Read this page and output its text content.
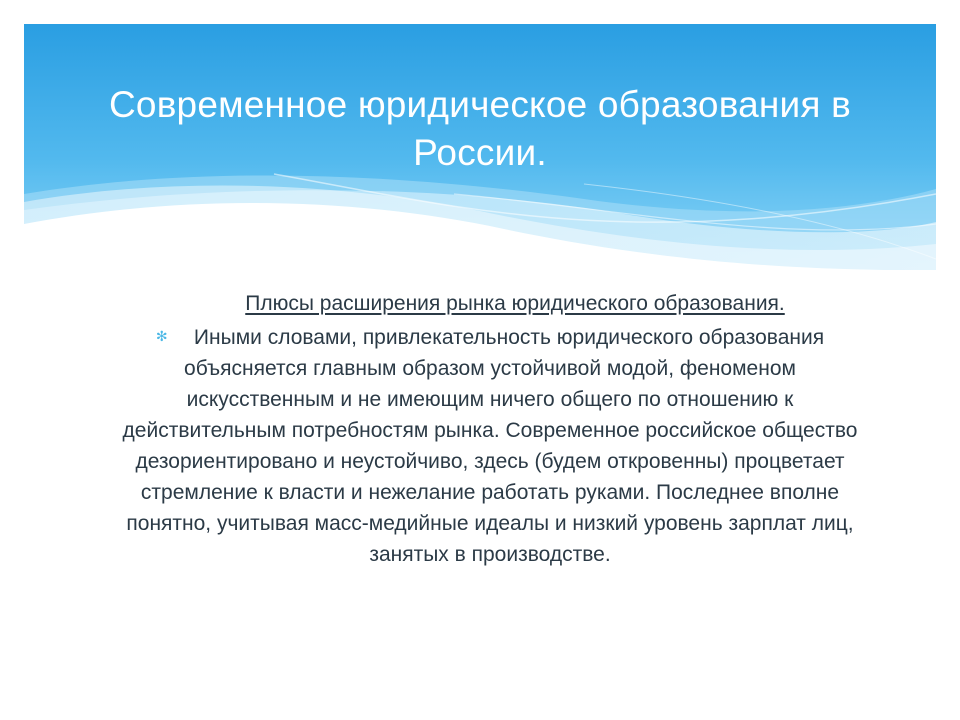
Современное юридическое образования в России.
Плюсы расширения рынка юридического образования.

✻ Иными словами, привлекательность юридического образования объясняется главным образом устойчивой модой, феноменом искусственным и не имеющим ничего общего по отношению к действительным потребностям рынка. Современное российское общество дезориентировано и неустойчиво, здесь (будем откровенны) процветает стремление к власти и нежелание работать руками. Последнее вполне понятно, учитывая масс-медийные идеалы и низкий уровень зарплат лиц, занятых в производстве.
